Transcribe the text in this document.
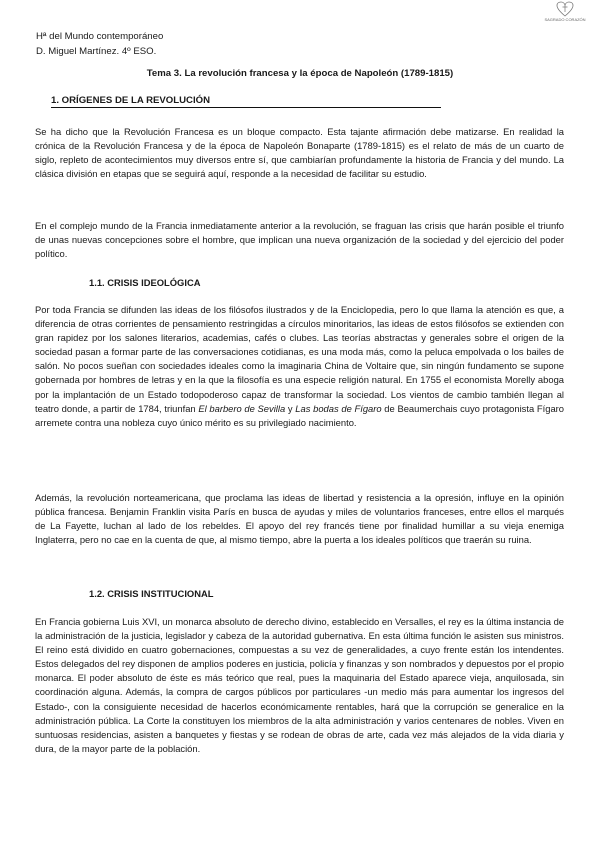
SAGRADO CORAZÓN
Hª del Mundo contemporáneo
D. Miguel Martínez. 4º ESO.
Tema 3. La revolución francesa y la época de Napoleón (1789-1815)
1. ORÍGENES DE LA REVOLUCIÓN

Se ha dicho que la Revolución Francesa es un bloque compacto. Esta tajante afirmación debe matizarse. En realidad la crónica de la Revolución Francesa y de la época de Napoleón Bonaparte (1789-1815) es el relato de más de un cuarto de siglo, repleto de acontecimientos muy diversos entre sí, que cambiarían profundamente la historia de Francia y del mundo. La clásica división en etapas que se seguirá aquí, responde a la necesidad de facilitar su estudio.

En el complejo mundo de la Francia inmediatamente anterior a la revolución, se fraguan las crisis que harán posible el triunfo de unas nuevas concepciones sobre el hombre, que implican una nueva organización de la sociedad y del ejercicio del poder político.

1.1. CRISIS IDEOLÓGICA

Por toda Francia se difunden las ideas de los filósofos ilustrados y de la Enciclopedia, pero lo que llama la atención es que, a diferencia de otras corrientes de pensamiento restringidas a círculos minoritarios, las ideas de estos filósofos se extienden con gran rapidez por los salones literarios, academias, cafés o clubes. Las teorías abstractas y generales sobre el origen de la sociedad pasan a formar parte de las conversaciones cotidianas, es una moda más, como la peluca empolvada o los bailes de salón. No pocos sueñan con sociedades ideales como la imaginaria China de Voltaire que, sin ningún fundamento se supone gobernada por hombres de letras y en la que la filosofía es una especie religión natural. En 1755 el economista Morelly aboga por la implantación de un Estado todopoderoso capaz de transformar la sociedad. Los vientos de cambio también llegan al teatro donde, a partir de 1784, triunfan El barbero de Sevilla y Las bodas de Fígaro de Beaumerchais cuyo protagonista Fígaro arremete contra una nobleza cuyo único mérito es su privilegiado nacimiento.

Además, la revolución norteamericana, que proclama las ideas de libertad y resistencia a la opresión, influye en la opinión pública francesa. Benjamin Franklin visita París en busca de ayudas y miles de voluntarios franceses, entre ellos el marqués de La Fayette, luchan al lado de los rebeldes. El apoyo del rey francés tiene por finalidad humillar a su vieja enemiga Inglaterra, pero no cae en la cuenta de que, al mismo tiempo, abre la puerta a los ideales políticos que traerán su ruina.

1.2. CRISIS INSTITUCIONAL

En Francia gobierna Luis XVI, un monarca absoluto de derecho divino, establecido en Versalles, el rey es la última instancia de la administración de la justicia, legislador y cabeza de la autoridad gubernativa. En esta última función le asisten sus ministros. El reino está dividido en cuatro gobernaciones, compuestas a su vez de generalidades, a cuyo frente están los intendentes. Estos delegados del rey disponen de amplios poderes en justicia, policía y finanzas y son nombrados y depuestos por el propio monarca. El poder absoluto de éste es más teórico que real, pues la maquinaria del Estado aparece vieja, anquilosada, sin coordinación alguna. Además, la compra de cargos públicos por particulares -un medio más para aumentar los ingresos del Estado-, con la consiguiente necesidad de hacerlos económicamente rentables, hará que la corrupción se generalice en la administración pública. La Corte la constituyen los miembros de la alta administración y varios centenares de nobles. Viven en suntuosas residencias, asisten a banquetes y fiestas y se rodean de obras de arte, cada vez más alejados de la vida diaria y dura, de la mayor parte de la población.
